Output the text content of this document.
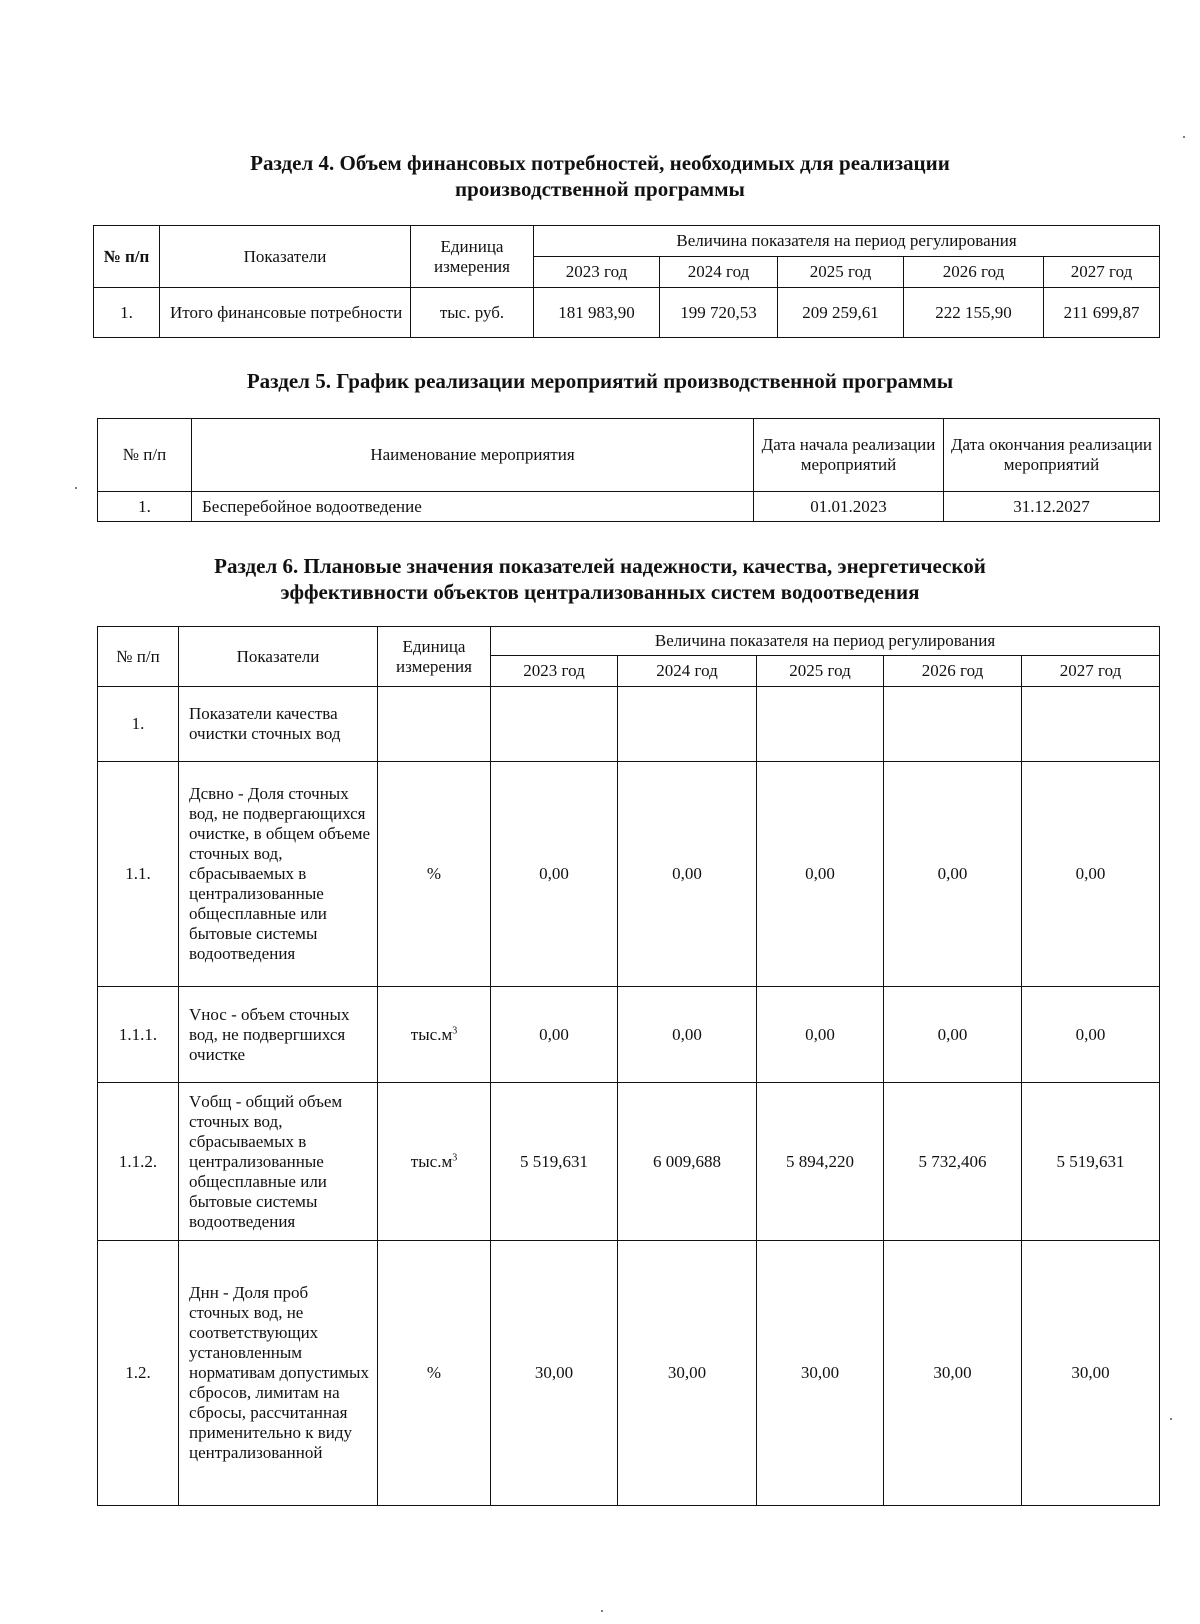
Раздел 4. Объем финансовых потребностей, необходимых для реализации
производственной программы
№ п/п	Показатели	Единица измерения	Величина показателя на период регулирования				
			2023 год	2024 год	2025 год	2026 год	2027 год
1.	Итого финансовые потребности	тыс. руб.	181 983,90	199 720,53	209 259,61	222 155,90	211 699,87
Раздел 5. График реализации мероприятий производственной программы
№ п/п	Наименование мероприятия	Дата начала реализации мероприятий	Дата окончания реализации мероприятий
1.	Бесперебойное водоотведение	01.01.2023	31.12.2027
Раздел 6. Плановые значения показателей надежности, качества, энергетической
эффективности объектов централизованных систем водоотведения
№ п/п	Показатели	Единица измерения	Величина показателя на период регулирования				
			2023 год	2024 год	2025 год	2026 год	2027 год
1.	Показатели качества очистки сточных вод						
1.1.	Дсвно - Доля сточных вод, не подвергающихся очистке, в общем объеме сточных вод, сбрасываемых в централизованные общесплавные или бытовые системы водоотведения	%	0,00	0,00	0,00	0,00	0,00
1.1.1.	Vнос - объем сточных вод, не подвергшихся очистке	$тыс.м^3$	0,00	0,00	0,00	0,00	0,00
1.1.2.	Vобщ - общий объем сточных вод, сбрасываемых в централизованные общесплавные или бытовые системы водоотведения	$тыс.м^3$	5 519,631	6 009,688	5 894,220	5 732,406	5 519,631
1.2.	Днн - Доля проб сточных вод, не соответствующих установленным нормативам допустимых сбросов, лимитам на сбросы, рассчитанная применительно к виду централизованной	%	30,00	30,00	30,00	30,00	30,00
